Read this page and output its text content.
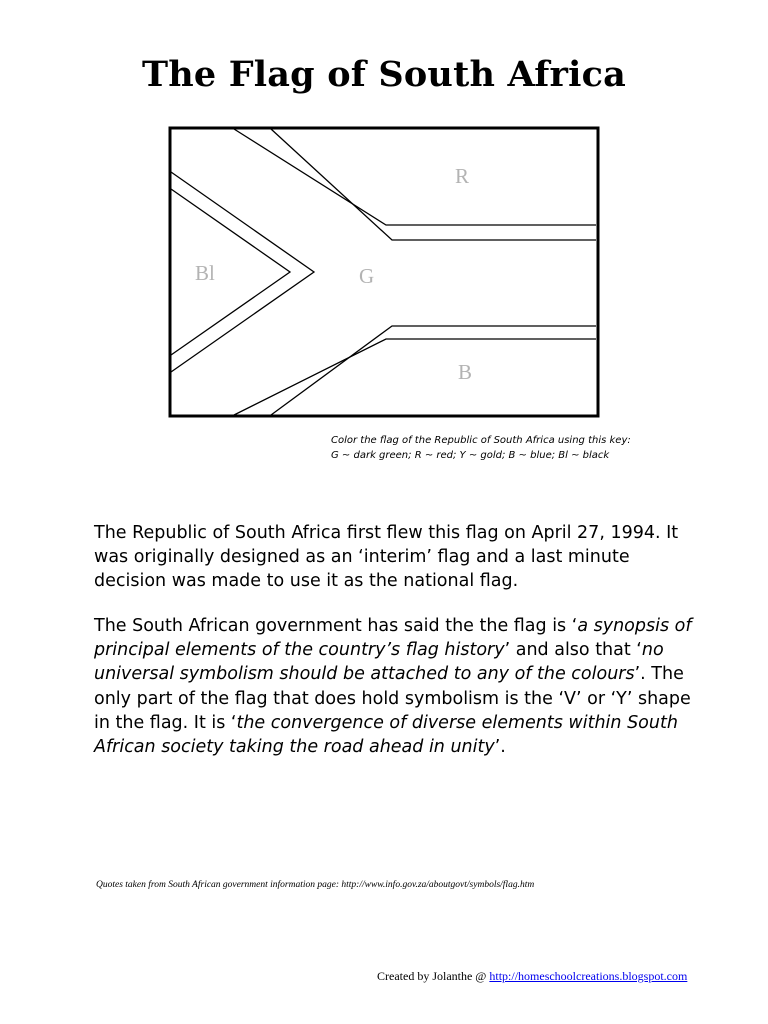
The Flag of South Africa
R
Bl	G
B
Color the flag of the Republic of South Africa using this key:
G ~ dark green; R ~ red; Y ~ gold; B ~ blue; Bl ~ black

The Republic of South Africa first flew this flag on April 27, 1994. It was originally designed as an ‘interim’ flag and a last minute decision was made to use it as the national flag.

The South African government has said the the flag is ‘a synopsis of principal elements of the country’s flag history’ and also that ‘no universal symbolism should be attached to any of the colours’. The only part of the flag that does hold symbolism is the ‘V’ or ‘Y’ shape in the flag. It is ‘the convergence of diverse elements within South African society taking the road ahead in unity’.

Quotes taken from South African government information page: http://www.info.gov.za/aboutgovt/symbols/flag.htm
Created by Jolanthe @ http://homeschoolcreations.blogspot.com
